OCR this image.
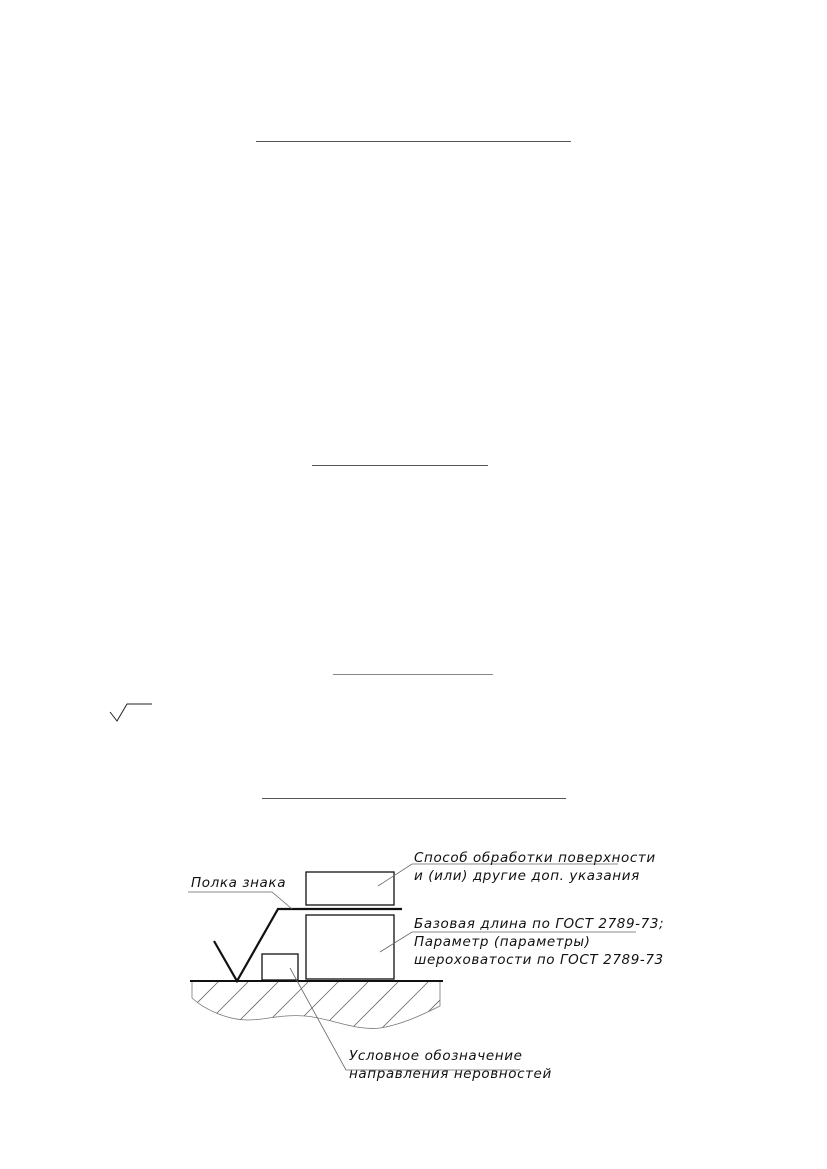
Полка знака
Способ обработки поверхности
и (или) другие доп. указания
Базовая длина по ГОСТ 2789-73;
Параметр (параметры)
шероховатости по ГОСТ 2789-73
Условное обозначение
направления неровностей
